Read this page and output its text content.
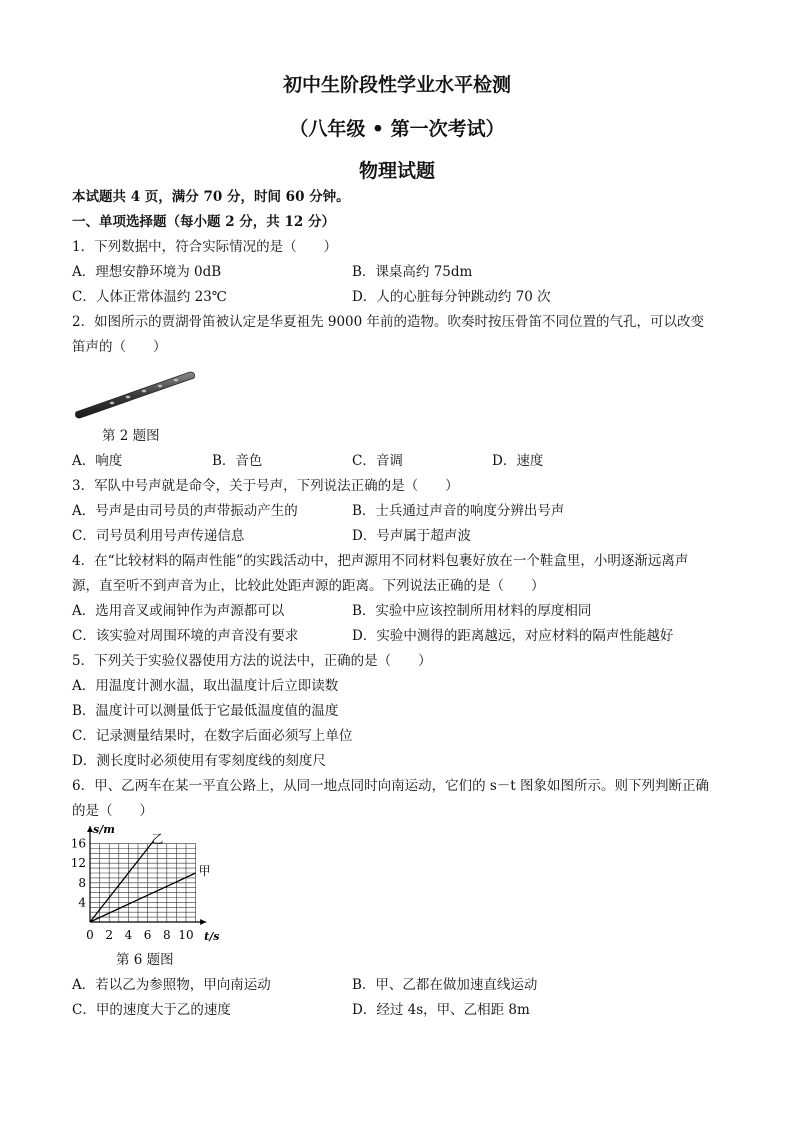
初中生阶段性学业水平检测
（八年级 • 第一次考试）
物理试题
本试题共 4 页，满分 70 分，时间 60 分钟。
一、单项选择题（每小题 2 分，共 12 分）
1．下列数据中，符合实际情况的是（　　）
A．理想安静环境为 0dB	B．课桌高约 75dm
C．人体正常体温约 23℃	D．人的心脏每分钟跳动约 70 次
2．如图所示的贾湖骨笛被认定是华夏祖先 9000 年前的造物。吹奏时按压骨笛不同位置的气孔，可以改变
笛声的（　　）
第 2 题图
A．响度	B．音色	C．音调	D．速度
3．军队中号声就是命令，关于号声，下列说法正确的是（　　）
A．号声是由司号员的声带振动产生的	B．士兵通过声音的响度分辨出号声
C．司号员利用号声传递信息	D．号声属于超声波
4．在“比较材料的隔声性能”的实践活动中，把声源用不同材料包裹好放在一个鞋盒里，小明逐渐远离声
源，直至听不到声音为止，比较此处距声源的距离。下列说法正确的是（　　）
A．选用音叉或闹钟作为声源都可以	B．实验中应该控制所用材料的厚度相同
C．该实验对周围环境的声音没有要求	D．实验中测得的距离越远，对应材料的隔声性能越好
5．下列关于实验仪器使用方法的说法中，正确的是（　　）
A．用温度计测水温，取出温度计后立即读数
B．温度计可以测量低于它最低温度值的温度
C．记录测量结果时，在数字后面必须写上单位
D．测长度时必须使用有零刻度线的刻度尺
6．甲、乙两车在某一平直公路上，从同一地点同时向南运动，它们的 s－t 图象如图所示。则下列判断正确
的是（　　）
0 2 4 6 8 10
4
8
12
16
t/s
s/m
乙
甲
第 6 题图
A．若以乙为参照物，甲向南运动	B．甲、乙都在做加速直线运动
C．甲的速度大于乙的速度	D．经过 4s，甲、乙相距 8m
